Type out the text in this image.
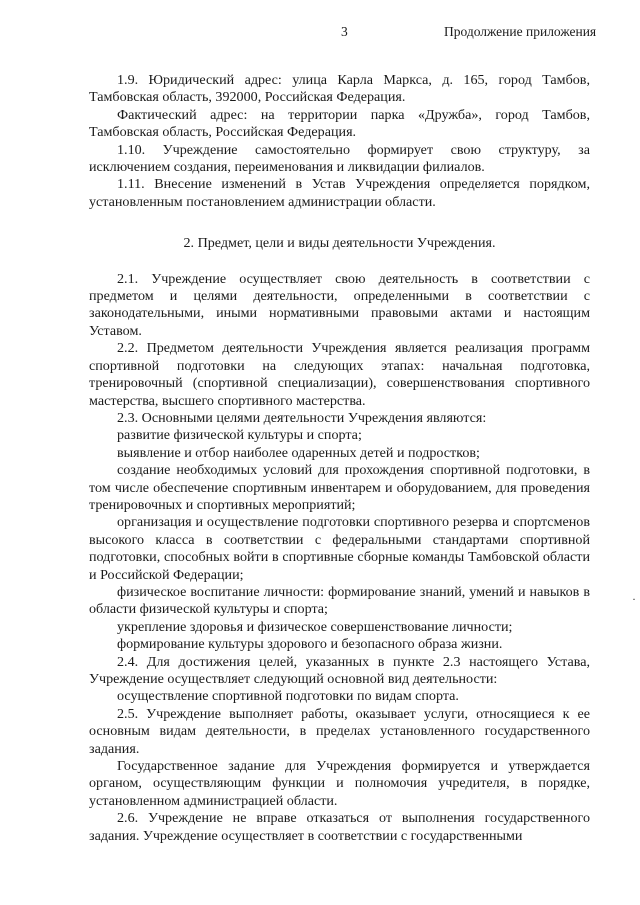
3	Продолжение приложения

1.9. Юридический адрес: улица Карла Маркса, д. 165, город Тамбов, Тамбовская область, 392000, Российская Федерация.

Фактический адрес: на территории парка «Дружба», город Тамбов, Тамбовская область, Российская Федерация.

1.10. Учреждение самостоятельно формирует свою структуру, за исключением создания, переименования и ликвидации филиалов.

1.11. Внесение изменений в Устав Учреждения определяется порядком, установленным постановлением администрации области.

2. Предмет, цели и виды деятельности Учреждения.

2.1. Учреждение осуществляет свою деятельность в соответствии с предметом и целями деятельности, определенными в соответствии с законодательными, иными нормативными правовыми актами и настоящим Уставом.

2.2. Предметом деятельности Учреждения является реализация программ спортивной подготовки на следующих этапах: начальная подготовка, тренировочный (спортивной специализации), совершенствования спортивного мастерства, высшего спортивного мастерства.

2.3. Основными целями деятельности Учреждения являются:

развитие физической культуры и спорта;

выявление и отбор наиболее одаренных детей и подростков;

создание необходимых условий для прохождения спортивной подготовки, в том числе обеспечение спортивным инвентарем и оборудованием, для проведения тренировочных и спортивных мероприятий;

организация и осуществление подготовки спортивного резерва и спортсменов высокого класса в соответствии с федеральными стандартами спортивной подготовки, способных войти в спортивные сборные команды Тамбовской области и Российской Федерации;

физическое воспитание личности: формирование знаний, умений и навыков в области физической культуры и спорта;

укрепление здоровья и физическое совершенствование личности;

формирование культуры здорового и безопасного образа жизни.

2.4. Для достижения целей, указанных в пункте 2.3 настоящего Устава, Учреждение осуществляет следующий основной вид деятельности:

осуществление спортивной подготовки по видам спорта.

2.5. Учреждение выполняет работы, оказывает услуги, относящиеся к ее основным видам деятельности, в пределах установленного государственного задания.

Государственное задание для Учреждения формируется и утверждается органом, осуществляющим функции и полномочия учредителя, в порядке, установленном администрацией области.

2.6. Учреждение не вправе отказаться от выполнения государственного задания. Учреждение осуществляет в соответствии с государственными

·
